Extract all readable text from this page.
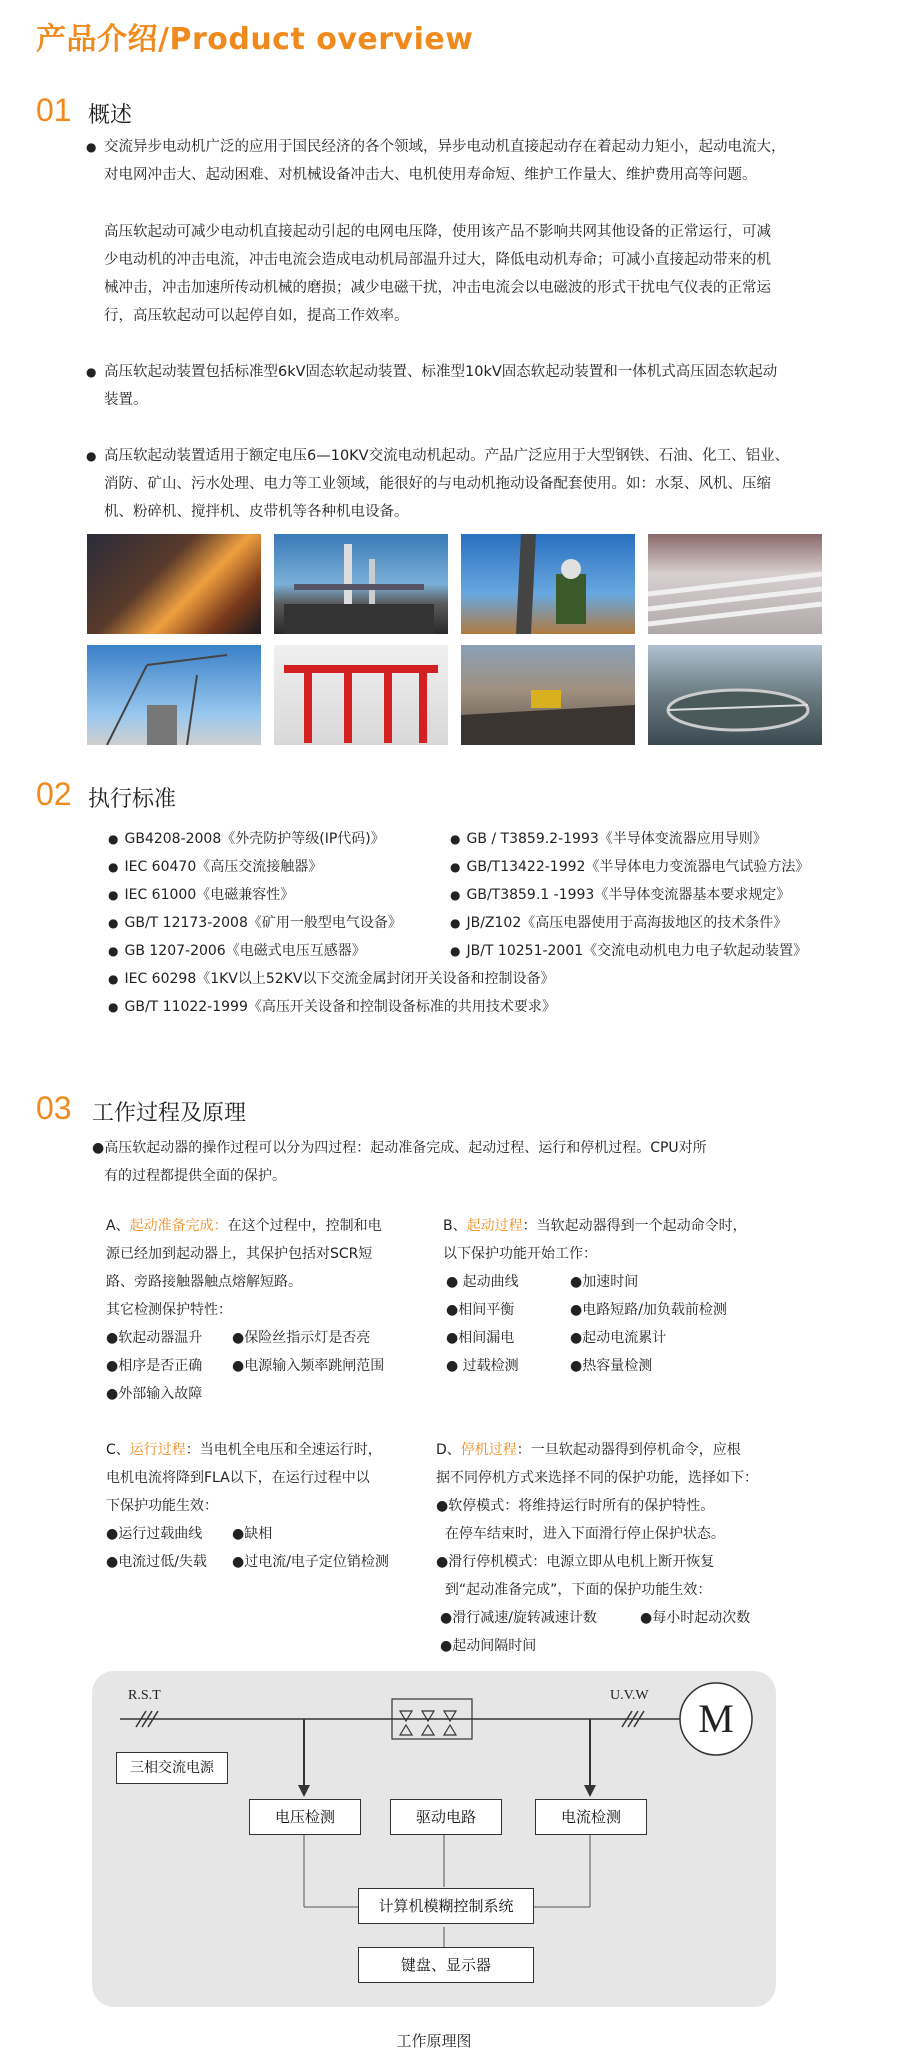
产品介绍/Product overview
01 概述
● 交流异步电动机广泛的应用于国民经济的各个领域，异步电动机直接起动存在着起动力矩小，起动电流大，
对电网冲击大、起动困难、对机械设备冲击大、电机使用寿命短、维护工作量大、维护费用高等问题。
高压软起动可减少电动机直接起动引起的电网电压降，使用该产品不影响共网其他设备的正常运行，可减
少电动机的冲击电流，冲击电流会造成电动机局部温升过大，降低电动机寿命；可减小直接起动带来的机
械冲击，冲击加速所传动机械的磨损；减少电磁干扰，冲击电流会以电磁波的形式干扰电气仪表的正常运
行，高压软起动可以起停自如，提高工作效率。
● 高压软起动装置包括标准型6kV固态软起动装置、标准型10kV固态软起动装置和一体机式高压固态软起动
装置。
● 高压软起动装置适用于额定电压6—10KV交流电动机起动。产品广泛应用于大型钢铁、石油、化工、铝业、
消防、矿山、污水处理、电力等工业领域，能很好的与电动机拖动设备配套使用。如：水泵、风机、压缩
机、粉碎机、搅拌机、皮带机等各种机电设备。
02 执行标准
● GB4208-2008《外壳防护等级(IP代码)》
● IEC 60470《高压交流接触器》
● IEC 61000《电磁兼容性》
● GB/T 12173-2008《矿用一般型电气设备》
● GB 1207-2006《电磁式电压互感器》
● IEC 60298《1KV以上52KV以下交流金属封闭开关设备和控制设备》
● GB/T 11022-1999《高压开关设备和控制设备标准的共用技术要求》
● GB / T3859.2-1993《半导体变流器应用导则》
● GB/T13422-1992《半导体电力变流器电气试验方法》
● GB/T3859.1 -1993《半导体变流器基本要求规定》
● JB/Z102《高压电器使用于高海拔地区的技术条件》
● JB/T 10251-2001《交流电动机电力电子软起动装置》
03 工作过程及原理
●高压软起动器的操作过程可以分为四过程：起动准备完成、起动过程、运行和停机过程。CPU对所
有的过程都提供全面的保护。
A、起动准备完成：在这个过程中，控制和电
源已经加到起动器上，其保护包括对SCR短
路、旁路接触器触点熔解短路。
其它检测保护特性：
●软起动器温升 ●保险丝指示灯是否亮
●相序是否正确 ●电源输入频率跳闸范围
●外部输入故障
B、起动过程：当软起动器得到一个起动命令时，
以下保护功能开始工作：
● 起动曲线	●加速时间
●相间平衡	●电路短路/加负载前检测
●相间漏电	●起动电流累计
● 过载检测	●热容量检测
C、运行过程：当电机全电压和全速运行时，
电机电流将降到FLA以下，在运行过程中以
下保护功能生效：
●运行过载曲线 ●缺相
●电流过低/失载 ●过电流/电子定位销检测
D、停机过程：一旦软起动器得到停机命令，应根
据不同停机方式来选择不同的保护功能，选择如下：
●软停模式：将维持运行时所有的保护特性。
在停车结束时，进入下面滑行停止保护状态。
●滑行停机模式：电源立即从电机上断开恢复
到“起动准备完成”，下面的保护功能生效：
●滑行减速/旋转减速计数	●每小时起动次数
●起动间隔时间
R.S.T	U.V.W
M
三相交流电源
电压检测	驱动电路	电流检测
计算机模糊控制系统
键盘、显示器
工作原理图
